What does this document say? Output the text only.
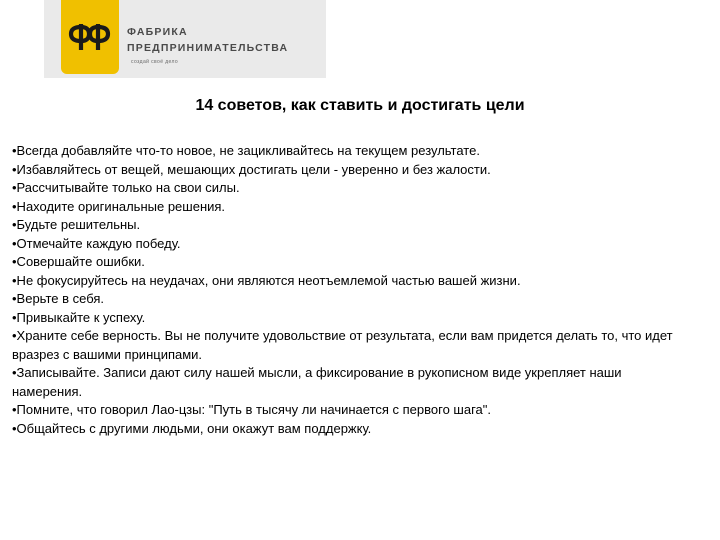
ФАБРИКА
ПРЕДПРИНИМАТЕЛЬСТВА
создай своё дело
14 советов, как ставить и достигать цели
•Всегда добавляйте что-то новое, не зацикливайтесь на текущем результате.
•Избавляйтесь от вещей, мешающих достигать цели - уверенно и без жалости.
•Рассчитывайте только на свои силы.
•Находите оригинальные решения.
•Будьте решительны.
•Отмечайте каждую победу.
•Совершайте ошибки.
•Не фокусируйтесь на неудачах, они являются неотъемлемой частью вашей жизни.
•Верьте в себя.
•Привыкайте к успеху.
•Храните себе верность. Вы не получите удовольствие от результата, если вам придется делать то, что идет вразрез с вашими принципами.
•Записывайте. Записи дают силу нашей мысли, а фиксирование в рукописном виде укрепляет наши намерения.
•Помните, что говорил Лао-цзы: "Путь в тысячу ли начинается с первого шага".
•Общайтесь с другими людьми, они окажут вам поддержку.
